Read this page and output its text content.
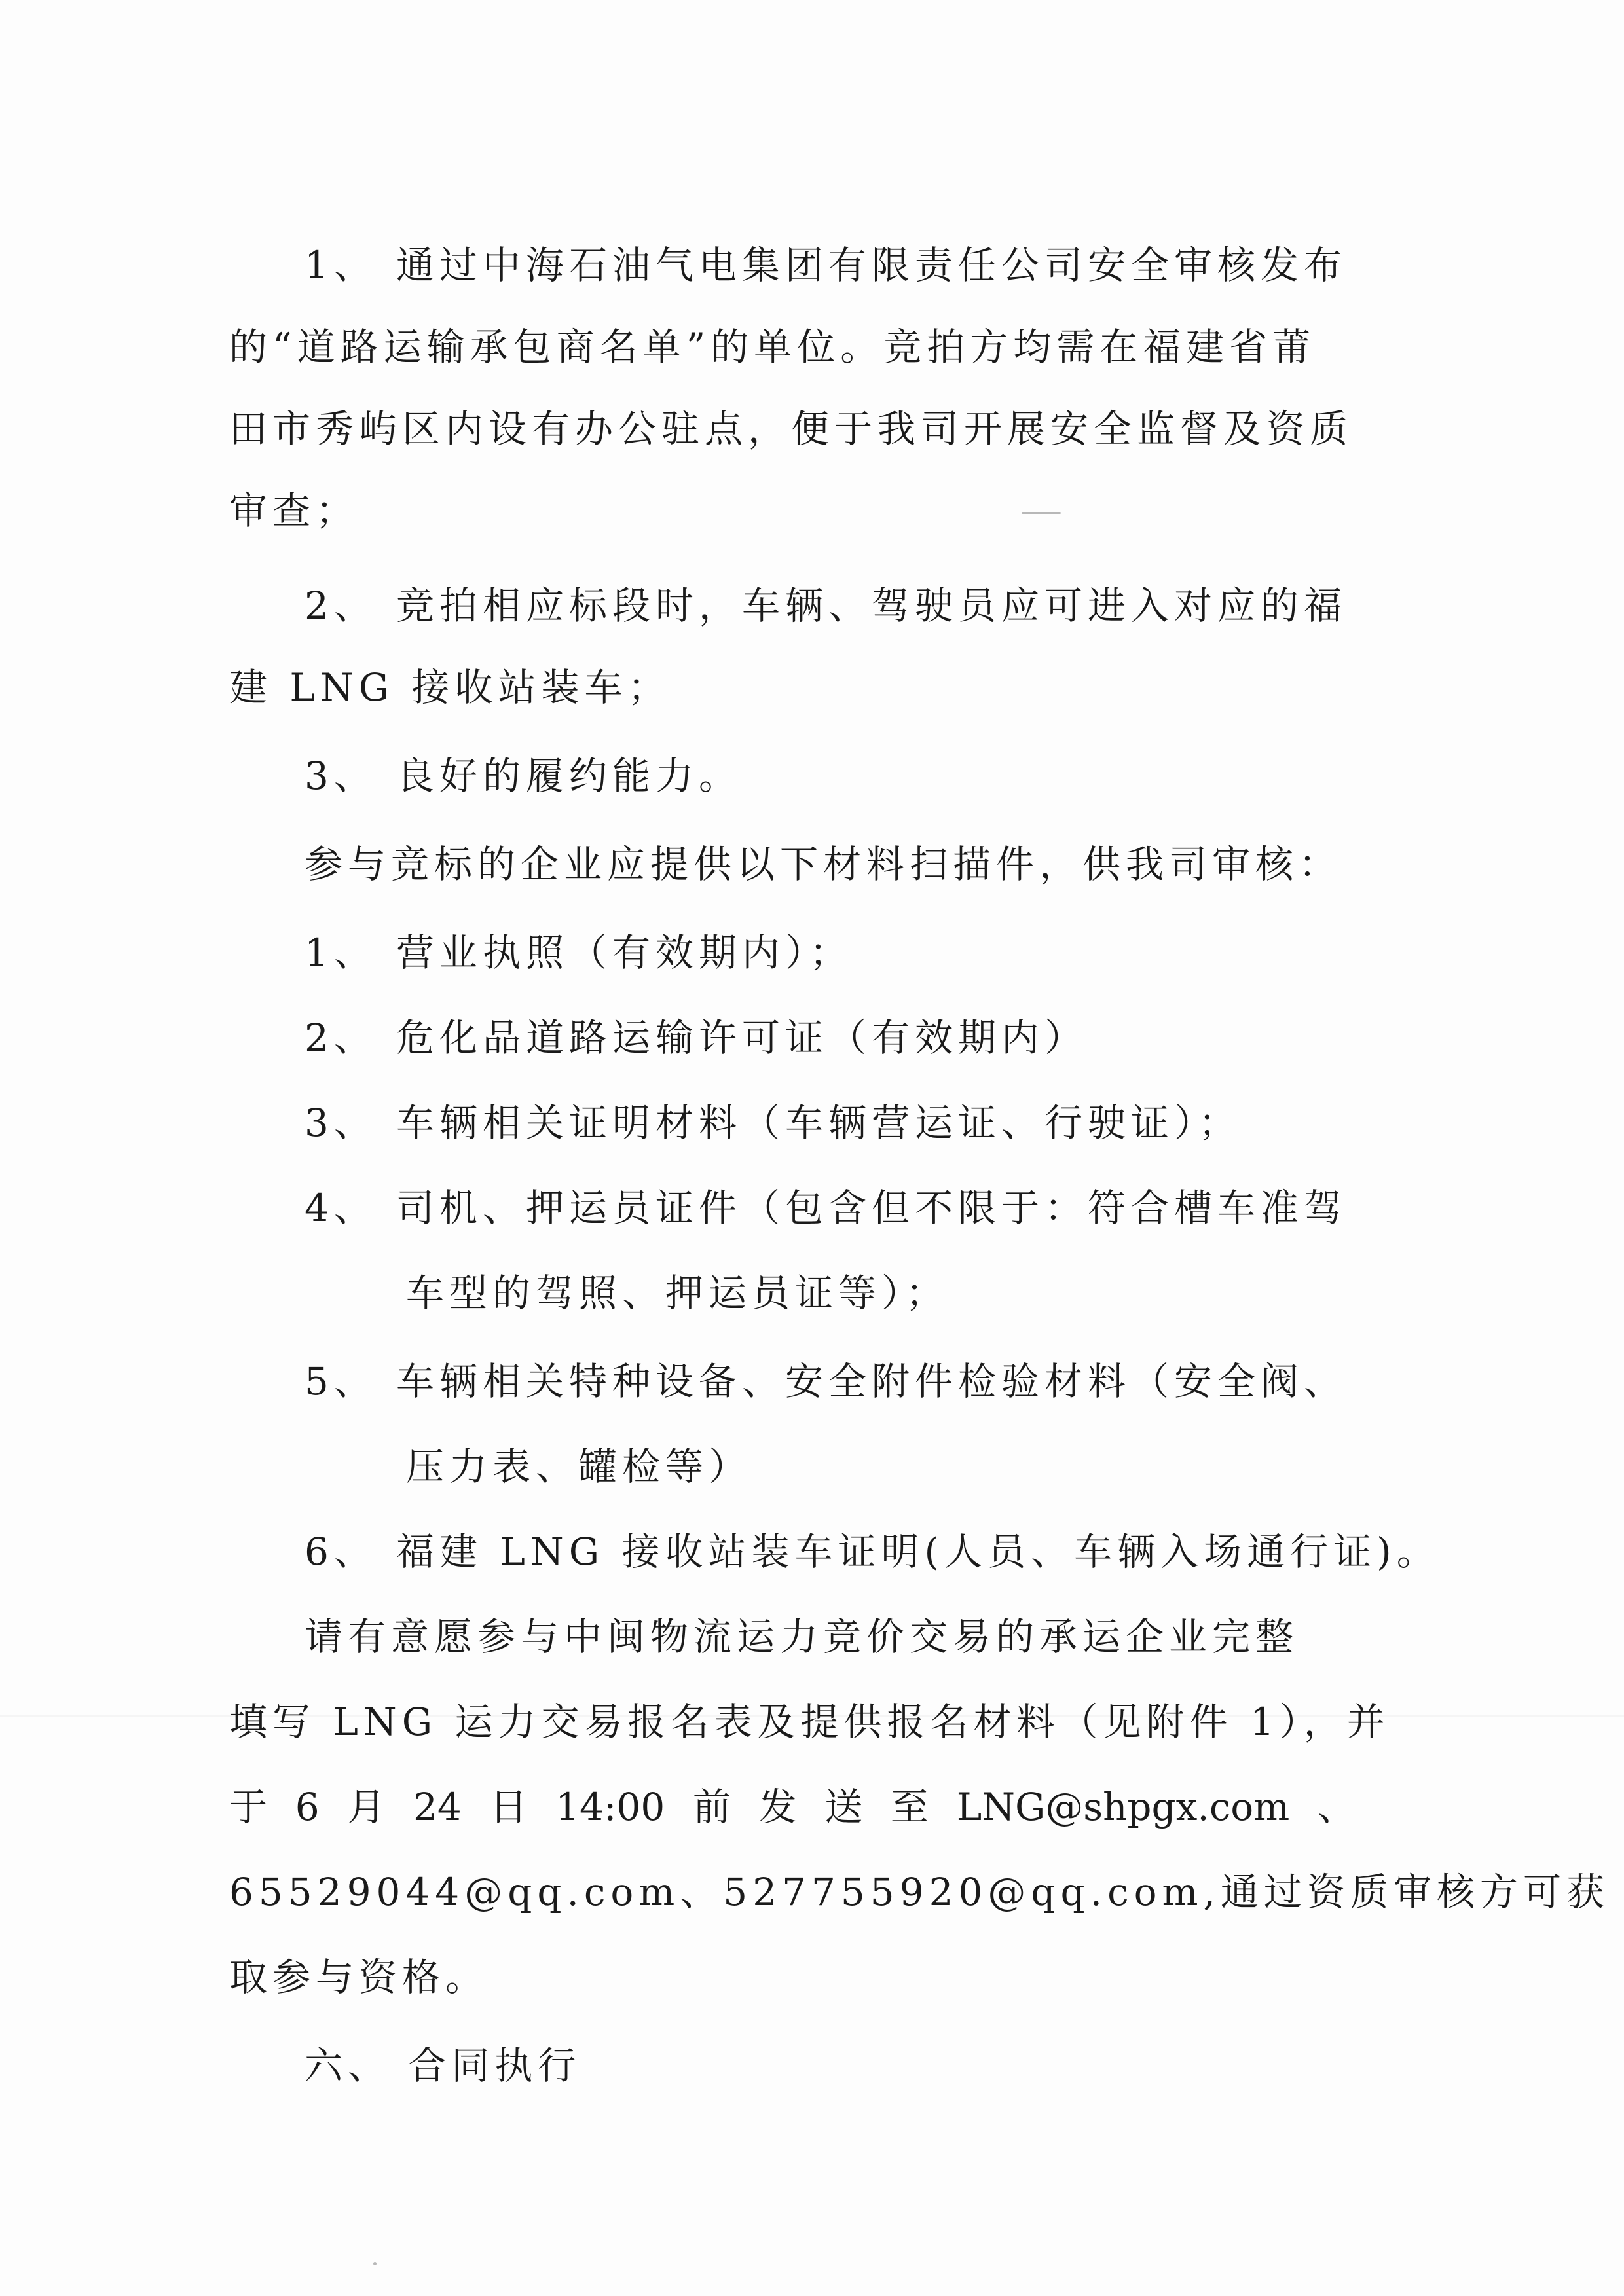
1、 通过中海石油气电集团有限责任公司安全审核发布
的“道路运输承包商名单”的单位。竞拍方均需在福建省莆
田市秀屿区内设有办公驻点，便于我司开展安全监督及资质
审查；
2、 竞拍相应标段时，车辆、驾驶员应可进入对应的福
建 LNG 接收站装车；
3、 良好的履约能力。
参与竞标的企业应提供以下材料扫描件，供我司审核：
1、 营业执照（有效期内）；
2、 危化品道路运输许可证（有效期内）
3、 车辆相关证明材料（车辆营运证、行驶证）；
4、 司机、押运员证件（包含但不限于：符合槽车准驾
车型的驾照、押运员证等）；
5、 车辆相关特种设备、安全附件检验材料（安全阀、
压力表、罐检等）
6、 福建 LNG 接收站装车证明(人员、车辆入场通行证)。
请有意愿参与中闽物流运力竞价交易的承运企业完整
填写 LNG 运力交易报名表及提供报名材料（见附件 1），并
于 6 月 24 日 14:00 前 发 送 至 LNG@shpgx.com 、
65529044@qq.com、527755920@qq.com,通过资质审核方可获
取参与资格。
六、 合同执行
